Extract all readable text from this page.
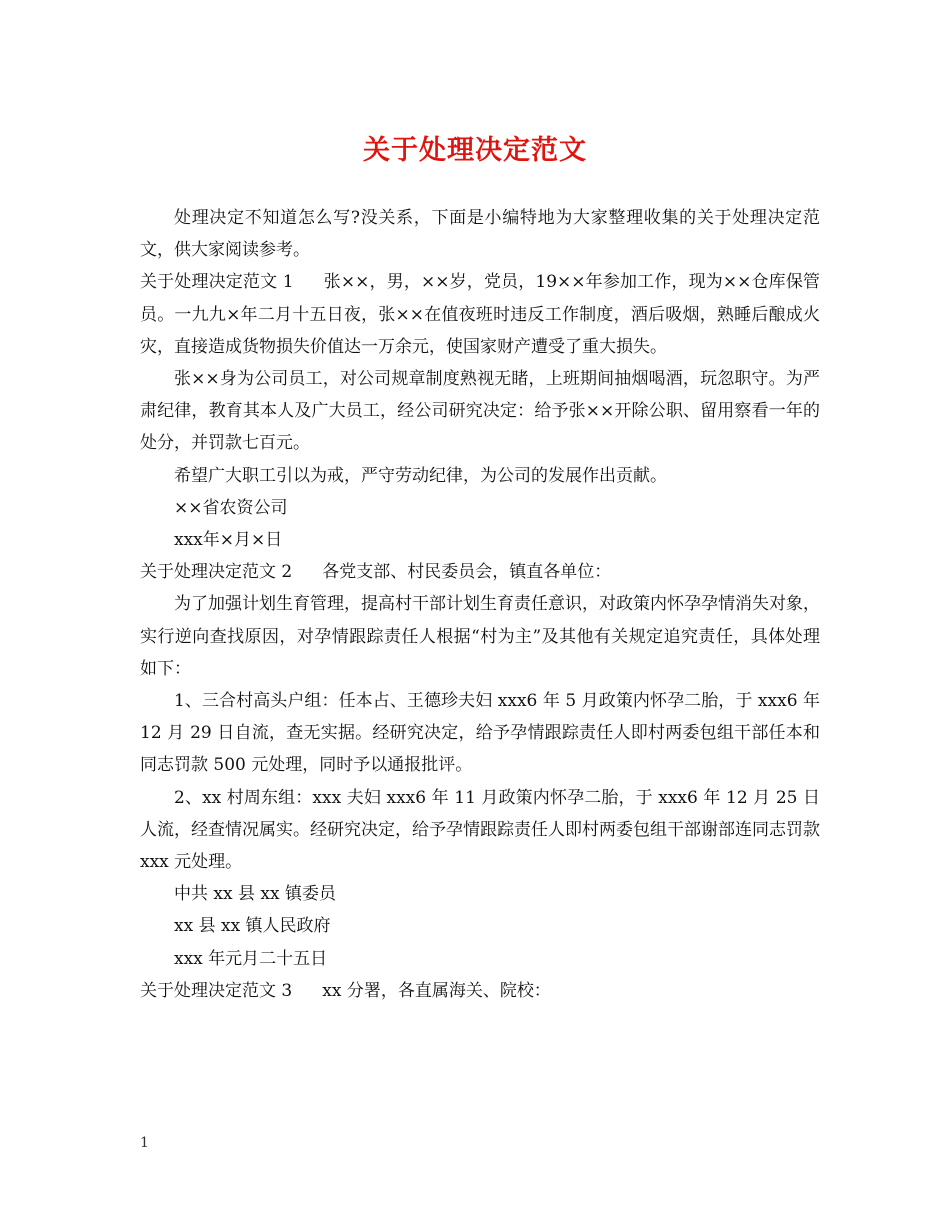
关于处理决定范文

处理决定不知道怎么写?没关系，下面是小编特地为大家整理收集的关于处理决定范文，供大家阅读参考。

关于处理决定范文 1 张××，男，××岁，党员，19××年参加工作，现为××仓库保管员。一九九×年二月十五日夜，张××在值夜班时违反工作制度，酒后吸烟，熟睡后酿成火灾，直接造成货物损失价值达一万余元，使国家财产遭受了重大损失。

张××身为公司员工，对公司规章制度熟视无睹，上班期间抽烟喝酒，玩忽职守。为严肃纪律，教育其本人及广大员工，经公司研究决定：给予张××开除公职、留用察看一年的处分，并罚款七百元。

希望广大职工引以为戒，严守劳动纪律，为公司的发展作出贡献。

××省农资公司

xxx年×月×日

关于处理决定范文 2 各党支部、村民委员会，镇直各单位：

为了加强计划生育管理，提高村干部计划生育责任意识，对政策内怀孕孕情消失对象，实行逆向查找原因，对孕情跟踪责任人根据“村为主”及其他有关规定追究责任，具体处理如下：

1、三合村高头户组：任本占、王德珍夫妇 xxx6 年 5 月政策内怀孕二胎，于 xxx6 年 12 月 29 日自流，查无实据。经研究决定，给予孕情跟踪责任人即村两委包组干部任本和同志罚款 500 元处理，同时予以通报批评。

2、xx 村周东组：xxx 夫妇 xxx6 年 11 月政策内怀孕二胎，于 xxx6 年 12 月 25 日人流，经查情况属实。经研究决定，给予孕情跟踪责任人即村两委包组干部谢部连同志罚款 xxx 元处理。

中共 xx 县 xx 镇委员

xx 县 xx 镇人民政府

xxx 年元月二十五日

关于处理决定范文 3 xx 分署，各直属海关、院校：

1
